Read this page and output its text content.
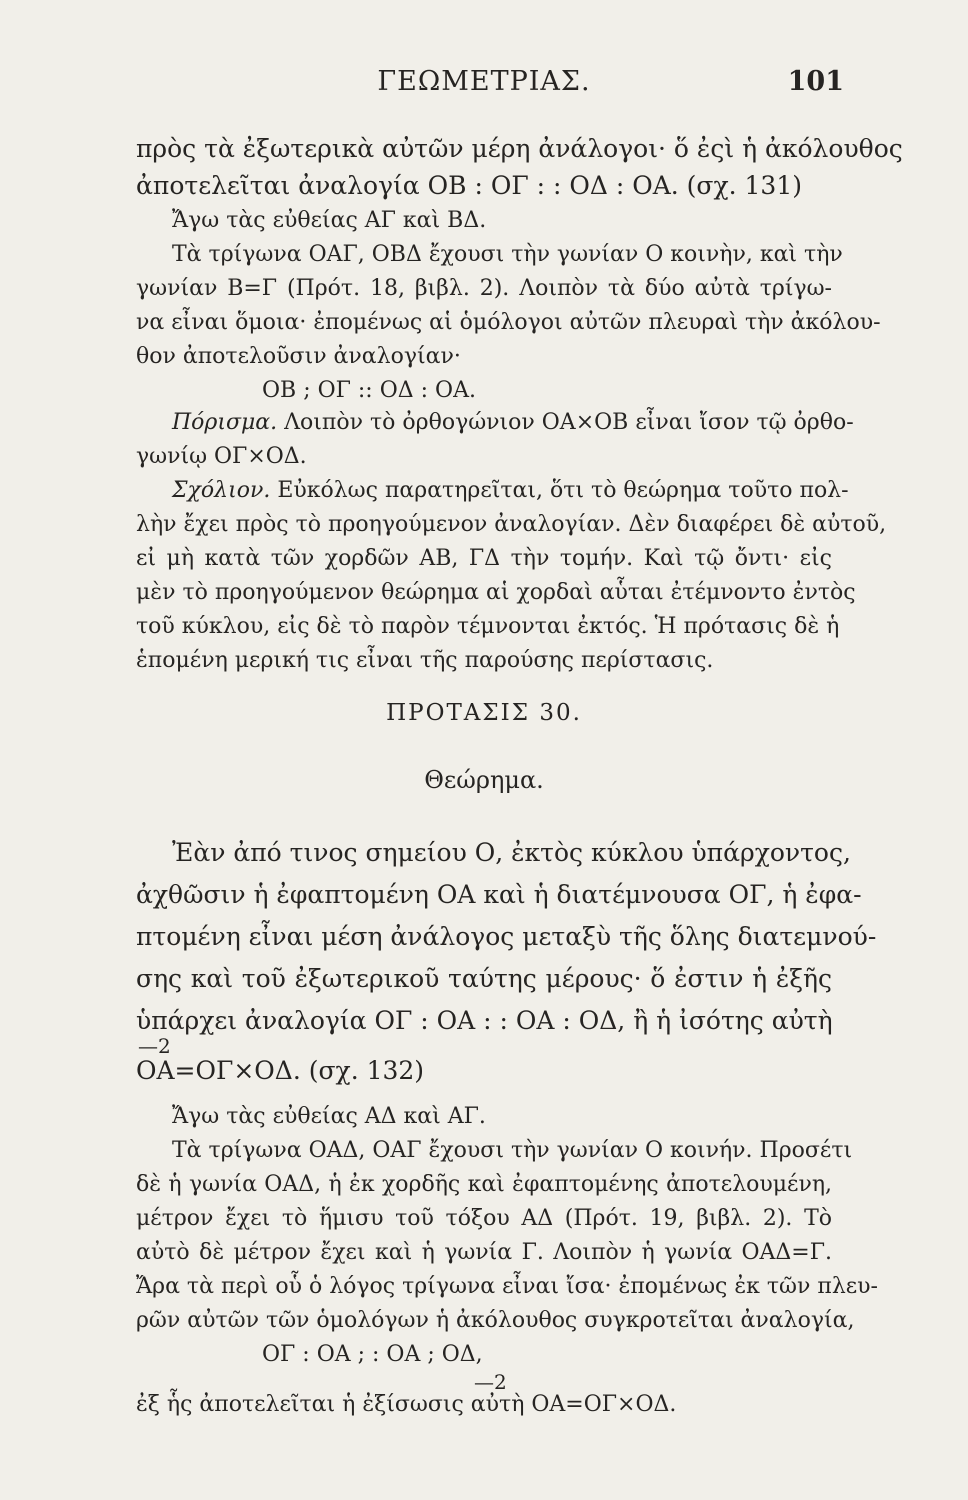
ΓΕΩΜΕΤΡΙΑΣ.	101
πρὸς τὰ ἐξωτερικὰ αὐτῶν μέρη ἀνάλογοι· ὅ ἐςὶ ἡ ἀκόλουθος
ἀποτελεῖται ἀναλογία ΟΒ : ΟΓ : : ΟΔ : ΟΑ. (σχ. 131)
Ἄγω τὰς εὐθείας ΑΓ καὶ ΒΔ.
Τὰ τρίγωνα ΟΑΓ, ΟΒΔ ἔχουσι τὴν γωνίαν Ο κοινὴν, καὶ τὴν
γωνίαν Β=Γ (Πρότ. 18, βιβλ. 2). Λοιπὸν τὰ δύο αὐτὰ τρίγω-
να εἶναι ὅμοια· ἐπομένως αἱ ὁμόλογοι αὐτῶν πλευραὶ τὴν ἀκόλου-
θον ἀποτελοῦσιν ἀναλογίαν·
ΟΒ ; ΟΓ :: ΟΔ : ΟΑ.
Πόρισμα. Λοιπὸν τὸ ὀρθογώνιον ΟΑ×ΟΒ εἶναι ἴσον τῷ ὀρθο-
γωνίῳ ΟΓ×ΟΔ.
Σχόλιον. Εὐκόλως παρατηρεῖται, ὅτι τὸ θεώρημα τοῦτο πολ-
λὴν ἔχει πρὸς τὸ προηγούμενον ἀναλογίαν. Δὲν διαφέρει δὲ αὐτοῦ,
εἰ μὴ κατὰ τῶν χορδῶν ΑΒ, ΓΔ τὴν τομήν. Καὶ τῷ ὄντι· εἰς
μὲν τὸ προηγούμενον θεώρημα αἱ χορδαὶ αὗται ἐτέμνοντο ἐντὸς
τοῦ κύκλου, εἰς δὲ τὸ παρὸν τέμνονται ἐκτός. Ἡ πρότασις δὲ ἡ
ἑπομένη μερική τις εἶναι τῆς παρούσης περίστασις.
ΠΡΟΤΑΣΙΣ 30.
Θεώρημα.
Ἐὰν ἀπό τινος σημείου Ο, ἐκτὸς κύκλου ὑπάρχοντος,
ἀχθῶσιν ἡ ἐφαπτομένη ΟΑ καὶ ἡ διατέμνουσα ΟΓ, ἡ ἐφα-
πτομένη εἶναι μέση ἀνάλογος μεταξὺ τῆς ὅλης διατεμνού-
σης καὶ τοῦ ἐξωτερικοῦ ταύτης μέρους· ὅ ἐστιν ἡ ἐξῆς
ὑπάρχει ἀναλογία ΟΓ : ΟΑ : : ΟΑ : ΟΔ, ἢ ἡ ἰσότης αὐτὴ
—2
ΟΑ=ΟΓ×ΟΔ. (σχ. 132)
Ἄγω τὰς εὐθείας ΑΔ καὶ ΑΓ.
Τὰ τρίγωνα ΟΑΔ, ΟΑΓ ἔχουσι τὴν γωνίαν Ο κοινήν. Προσέτι
δὲ ἡ γωνία ΟΑΔ, ἡ ἐκ χορδῆς καὶ ἐφαπτομένης ἀποτελουμένη,
μέτρον ἔχει τὸ ἥμισυ τοῦ τόξου ΑΔ (Πρότ. 19, βιβλ. 2). Τὸ
αὐτὸ δὲ μέτρον ἔχει καὶ ἡ γωνία Γ. Λοιπὸν ἡ γωνία ΟΑΔ=Γ.
Ἄρα τὰ περὶ οὗ ὁ λόγος τρίγωνα εἶναι ἴσα· ἐπομένως ἐκ τῶν πλευ-
ρῶν αὐτῶν τῶν ὁμολόγων ἡ ἀκόλουθος συγκροτεῖται ἀναλογία,
ΟΓ : ΟΑ ; : ΟΑ ; ΟΔ,
—2
ἐξ ἧς ἀποτελεῖται ἡ ἐξίσωσις αὐτὴ ΟΑ=ΟΓ×ΟΔ.
